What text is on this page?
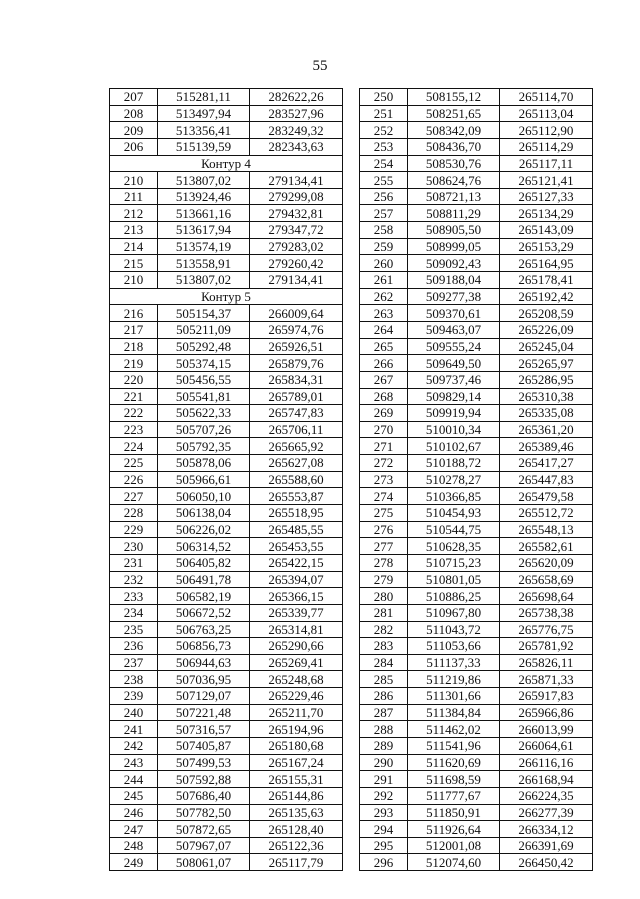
55
207	515281,11	282622,26
208	513497,94	283527,96
209	513356,41	283249,32
206	515139,59	282343,63
Контур 4		
210	513807,02	279134,41
211	513924,46	279299,08
212	513661,16	279432,81
213	513617,94	279347,72
214	513574,19	279283,02
215	513558,91	279260,42
210	513807,02	279134,41
Контур 5		
216	505154,37	266009,64
217	505211,09	265974,76
218	505292,48	265926,51
219	505374,15	265879,76
220	505456,55	265834,31
221	505541,81	265789,01
222	505622,33	265747,83
223	505707,26	265706,11
224	505792,35	265665,92
225	505878,06	265627,08
226	505966,61	265588,60
227	506050,10	265553,87
228	506138,04	265518,95
229	506226,02	265485,55
230	506314,52	265453,55
231	506405,82	265422,15
232	506491,78	265394,07
233	506582,19	265366,15
234	506672,52	265339,77
235	506763,25	265314,81
236	506856,73	265290,66
237	506944,63	265269,41
238	507036,95	265248,68
239	507129,07	265229,46
240	507221,48	265211,70
241	507316,57	265194,96
242	507405,87	265180,68
243	507499,53	265167,24
244	507592,88	265155,31
245	507686,40	265144,86
246	507782,50	265135,63
247	507872,65	265128,40
248	507967,07	265122,36
249	508061,07	265117,79
250	508155,12	265114,70
251	508251,65	265113,04
252	508342,09	265112,90
253	508436,70	265114,29
254	508530,76	265117,11
255	508624,76	265121,41
256	508721,13	265127,33
257	508811,29	265134,29
258	508905,50	265143,09
259	508999,05	265153,29
260	509092,43	265164,95
261	509188,04	265178,41
262	509277,38	265192,42
263	509370,61	265208,59
264	509463,07	265226,09
265	509555,24	265245,04
266	509649,50	265265,97
267	509737,46	265286,95
268	509829,14	265310,38
269	509919,94	265335,08
270	510010,34	265361,20
271	510102,67	265389,46
272	510188,72	265417,27
273	510278,27	265447,83
274	510366,85	265479,58
275	510454,93	265512,72
276	510544,75	265548,13
277	510628,35	265582,61
278	510715,23	265620,09
279	510801,05	265658,69
280	510886,25	265698,64
281	510967,80	265738,38
282	511043,72	265776,75
283	511053,66	265781,92
284	511137,33	265826,11
285	511219,86	265871,33
286	511301,66	265917,83
287	511384,84	265966,86
288	511462,02	266013,99
289	511541,96	266064,61
290	511620,69	266116,16
291	511698,59	266168,94
292	511777,67	266224,35
293	511850,91	266277,39
294	511926,64	266334,12
295	512001,08	266391,69
296	512074,60	266450,42
